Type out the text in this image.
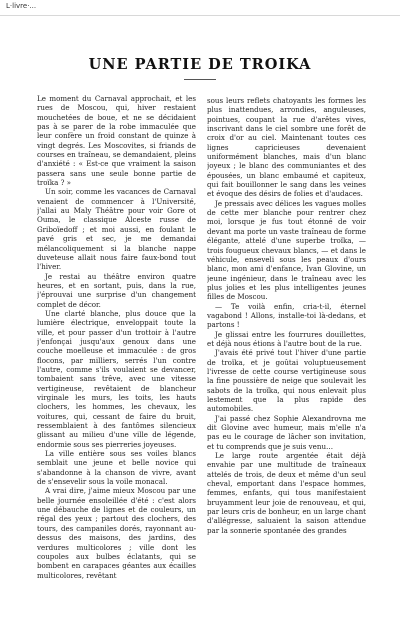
L·livre·...
UNE PARTIE DE TROIKA

Le moment du Carnaval approchait, et les rues de Moscou, qui, hiver restaient mouchetées de boue, et ne se décidaient pas à se parer de la robe immaculée que leur confère un froid constant de quinze à vingt degrés. Les Moscovites, si friands de courses en traîneau, se demandaient, pleins d'anxiété : « Est-ce que vraiment la saison passera sans une seule bonne partie de troïka ? »

Un soir, comme les vacances de Carnaval venaient de commencer à l'Université, j'allai au Maly Théâtre pour voir Gore ot Ouma, le classique Alceste russe de Griboïedoff ; et moi aussi, en foulant le pavé gris et sec, je me demandai mélancoliquement si la blanche nappe duveteuse allait nous faire faux-bond tout l'hiver.

Je restai au théâtre environ quatre heures, et en sortant, puis, dans la rue, j'éprouvai une surprise d'un changement complet de décor.

Une clarté blanche, plus douce que la lumière électrique, enveloppait toute la ville, et pour passer d'un trottoir à l'autre j'enfonçai jusqu'aux genoux dans une couche moelleuse et immaculée : de gros flocons, par milliers, serrés l'un contre l'autre, comme s'ils voulaient se devancer, tombaient sans trêve, avec une vitesse vertigineuse, revêtaient de blancheur virginale les murs, les toits, les hauts clochers, les hommes, les chevaux, les voitures, qui, cessant de faire du bruit, ressemblaient à des fantômes silencieux glissant au milieu d'une ville de légende, endormie sous ses pierreries joyeuses.

La ville entière sous ses voiles blancs semblait une jeune et belle novice qui s'abandonne à la chanson de vivre, avant de s'ensevelir sous la voile monacal.

A vrai dire, j'aime mieux Moscou par une belle journée ensoleillée d'été : c'est alors une débauche de lignes et de couleurs, un régal des yeux ; partout des clochers, des tours, des campaniles dorés, rayonnant au-dessus des maisons, des jardins, des verdures multicolores ; ville dont les coupoles aux bulbes éclatants, qui se bombent en carapaces géantes aux écailles multicolores, revêtant

sous leurs reflets chatoyants les formes les plus inattendues, arrondies, anguleuses, pointues, coupant la rue d'arêtes vives, inscrivant dans le ciel sombre une forêt de croix d'or au ciel. Maintenant toutes ces lignes capricieuses devenaient uniformément blanches, mais d'un blanc joyeux ; le blanc des communiantes et des épousées, un blanc embaumé et capiteux, qui fait bouillonner le sang dans les veines et évoque des désirs de folies et d'audaces.

Je pressais avec délices les vagues molles de cette mer blanche pour rentrer chez moi, lorsque je fus tout étonné de voir devant ma porte un vaste traîneau de forme élégante, attelé d'une superbe troïka, — trois fougueux chevaux blancs, — et dans le véhicule, enseveli sous les peaux d'ours blanc, mon ami d'enfance, Ivan Glovine, un jeune ingénieur, dans le traîneau avec les plus jolies et les plus intelligentes jeunes filles de Moscou.

— Te voilà enfin, cria-t-il, éternel vagabond ! Allons, installe-toi là-dedans, et partons !

Je glissai entre les fourrures douillettes, et déjà nous étions à l'autre bout de la rue.

J'avais été privé tout l'hiver d'une partie de troïka, et je goûtai voluptueusement l'ivresse de cette course vertigineuse sous la fine poussière de neige que soulevait les sabots de la troïka, qui nous enlevait plus lestement que la plus rapide des automobiles.

J'ai passé chez Sophie Alexandrovna me dit Glovine avec humeur, mais m'elle n'a pas eu le courage de lâcher son invitation, et tu comprends que je suis venu…

Le large route argentée était déjà envahie par une multitude de traîneaux attelés de trois, de deux et même d'un seul cheval, emportant dans l'espace hommes, femmes, enfants, qui tous manifestaient bruyamment leur joie de renouveau, et qui, par leurs cris de bonheur, en un large chant d'allégresse, saluaient la saison attendue par la sonnerie spontanée des grandes
